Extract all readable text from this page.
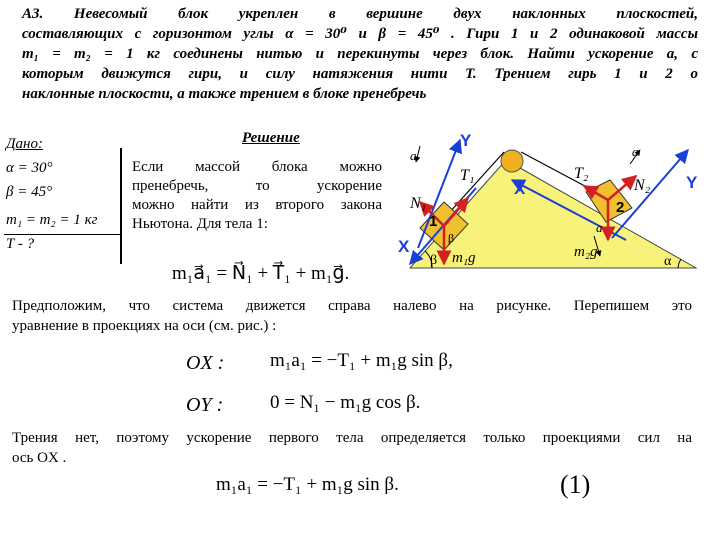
А3. Невесомый блок укреплен в вершине двух наклонных плоскостей,
составляющих с горизонтом углы α = 30⁰ и β = 45⁰ . Гири 1 и 2 одинаковой массы
m₁ = m₂ = 1 кг соединены нитью и перекинуты через блок. Найти ускорение a, с
которым движутся гири, и силу натяжения нити T. Трением гирь 1 и 2 о
наклонные плоскости, а также трением в блоке пренебречь
Дано:
α = 30°
β = 45°
m₁ = m₂ = 1 кг
T - ?
Решение
Если массой блока можно
пренебречь, то ускорение
можно найти из второго закона
Ньютона. Для тела 1:
m₁a⃗₁ = N⃗₁ + T⃗₁ + m₁g⃗.
Y
X
X	Y
a	a
a
T₁	T₂
N₁
N₂
m₁g	m₂g
α
β
β
1
2
Предположим, что система движется справа налево на рисунке. Перепишем это
уравнение в проекциях на оси (см. рис.) :
OX : m₁a₁ = −T₁ + m₁g sin β,
OY : 0 = N₁ − m₁g cos β.
Трения нет, поэтому ускорение первого тела определяется только проекциями сил на
ось OX .
m₁a₁ = −T₁ + m₁g sin β.	(1)
